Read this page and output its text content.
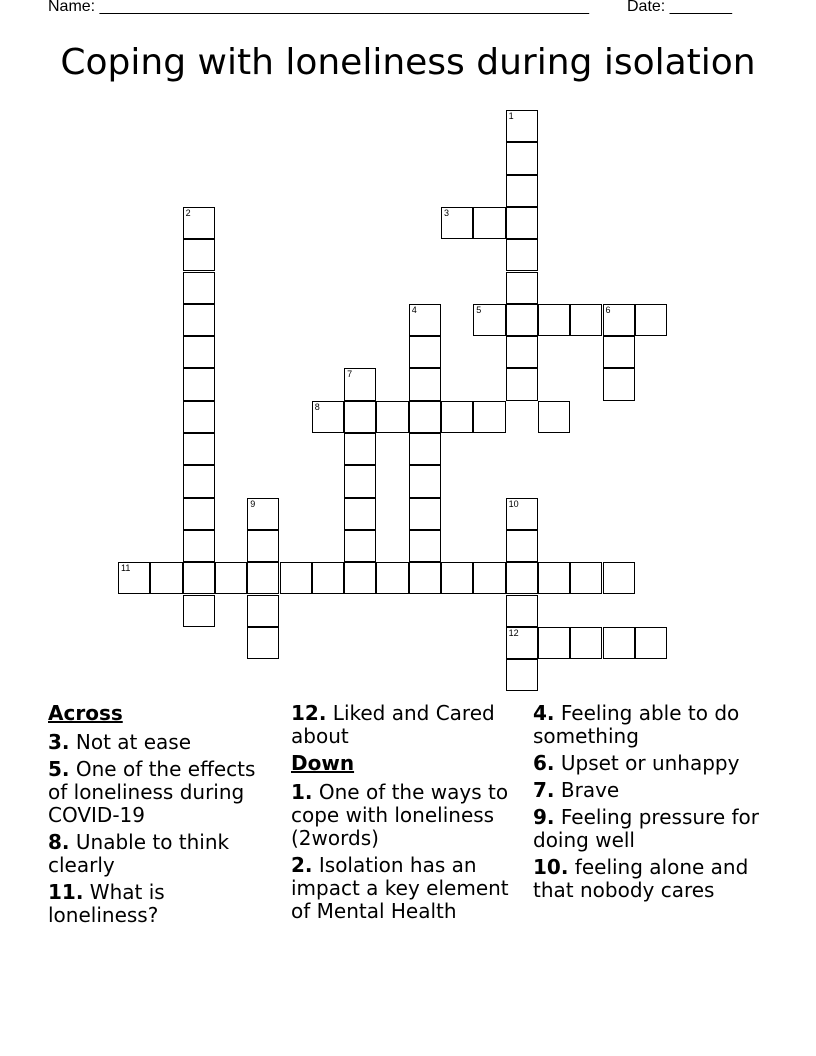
Name: _______________________________________________________ Date: _______
Coping with loneliness during isolation
1
2	3
4	5	6
7
8
9	10
12
11
Across
3. Not at ease
5. One of the effects of loneliness during COVID-19
8. Unable to think clearly
11. What is loneliness?
12. Liked and Cared about
Down
1. One of the ways to cope with loneliness (2words)
2. Isolation has an impact a key element of Mental Health
4. Feeling able to do something
6. Upset or unhappy
7. Brave
9. Feeling pressure for doing well
10. feeling alone and that nobody cares
